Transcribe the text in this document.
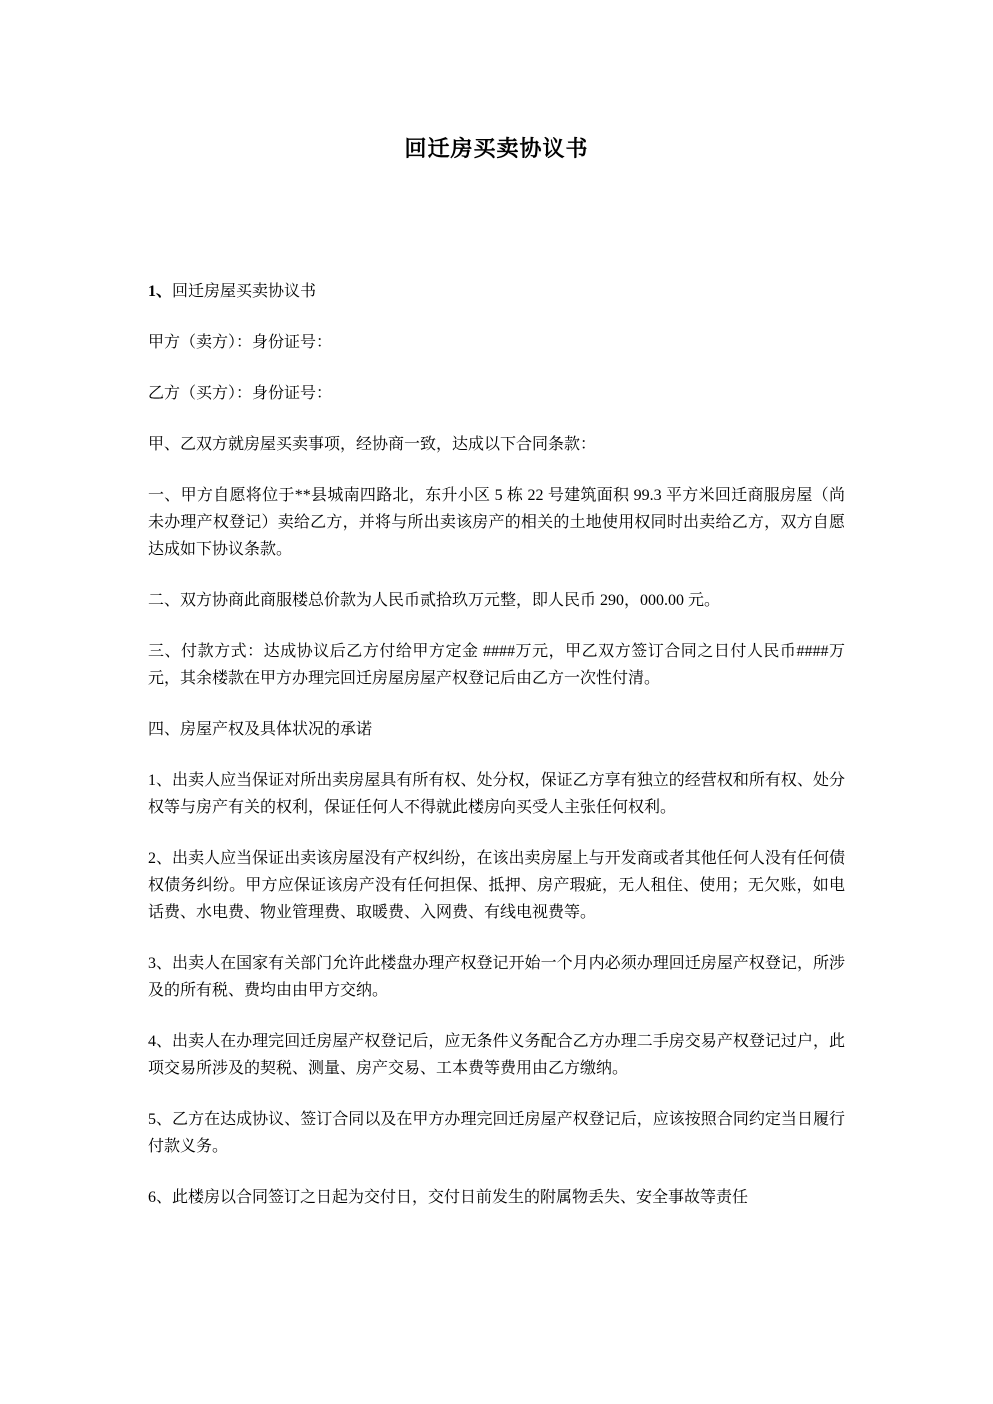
回迁房买卖协议书

1、回迁房屋买卖协议书

甲方（卖方）：身份证号：

乙方（买方）：身份证号：

甲、乙双方就房屋买卖事项，经协商一致，达成以下合同条款：

一、甲方自愿将位于**县城南四路北，东升小区 5 栋 22 号建筑面积 99.3 平方米回迁商服房屋（尚未办理产权登记）卖给乙方，并将与所出卖该房产的相关的土地使用权同时出卖给乙方，双方自愿达成如下协议条款。

二、双方协商此商服楼总价款为人民币贰拾玖万元整，即人民币 290，000.00 元。

三、付款方式：达成协议后乙方付给甲方定金 ####万元，甲乙双方签订合同之日付人民币####万元，其余楼款在甲方办理完回迁房屋房屋产权登记后由乙方一次性付清。

四、房屋产权及具体状况的承诺

1、出卖人应当保证对所出卖房屋具有所有权、处分权，保证乙方享有独立的经营权和所有权、处分权等与房产有关的权利，保证任何人不得就此楼房向买受人主张任何权利。

2、出卖人应当保证出卖该房屋没有产权纠纷，在该出卖房屋上与开发商或者其他任何人没有任何债权债务纠纷。甲方应保证该房产没有任何担保、抵押、房产瑕疵，无人租住、使用；无欠账，如电话费、水电费、物业管理费、取暖费、入网费、有线电视费等。

3、出卖人在国家有关部门允许此楼盘办理产权登记开始一个月内必须办理回迁房屋产权登记，所涉及的所有税、费均由由甲方交纳。

4、出卖人在办理完回迁房屋产权登记后，应无条件义务配合乙方办理二手房交易产权登记过户，此项交易所涉及的契税、测量、房产交易、工本费等费用由乙方缴纳。

5、乙方在达成协议、签订合同以及在甲方办理完回迁房屋产权登记后，应该按照合同约定当日履行付款义务。

6、此楼房以合同签订之日起为交付日，交付日前发生的附属物丢失、安全事故等责任
